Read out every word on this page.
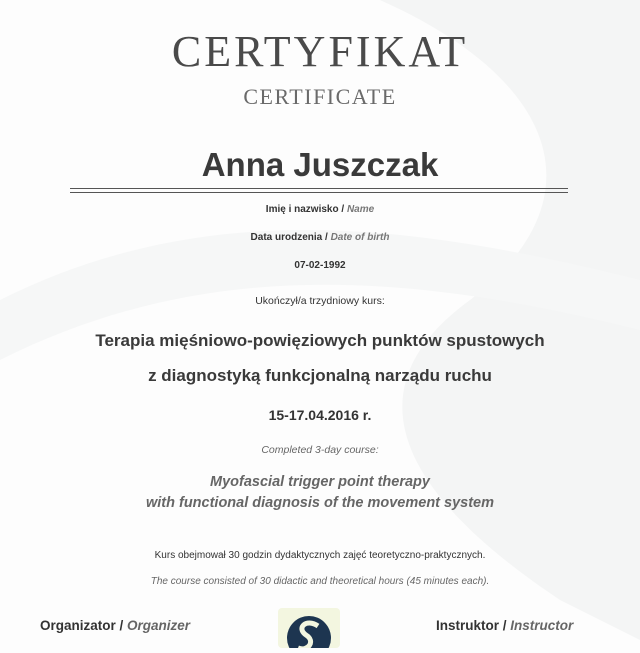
CERTYFIKAT
CERTIFICATE
Anna Juszczak
Imię i nazwisko / Name
Data urodzenia / Date of birth
07-02-1992
Ukończył/a trzydniowy kurs:
Terapia mięśniowo-powięziowych punktów spustowych
z diagnostyką funkcjonalną narządu ruchu
15-17.04.2016 r.
Completed 3-day course:
Myofascial trigger point therapy
with functional diagnosis of the movement system
Kurs obejmował 30 godzin dydaktycznych zajęć teoretyczno-praktycznych.
The course consisted of 30 didactic and theoretical hours (45 minutes each).
Organizator / Organizer	Instruktor / Instructor
